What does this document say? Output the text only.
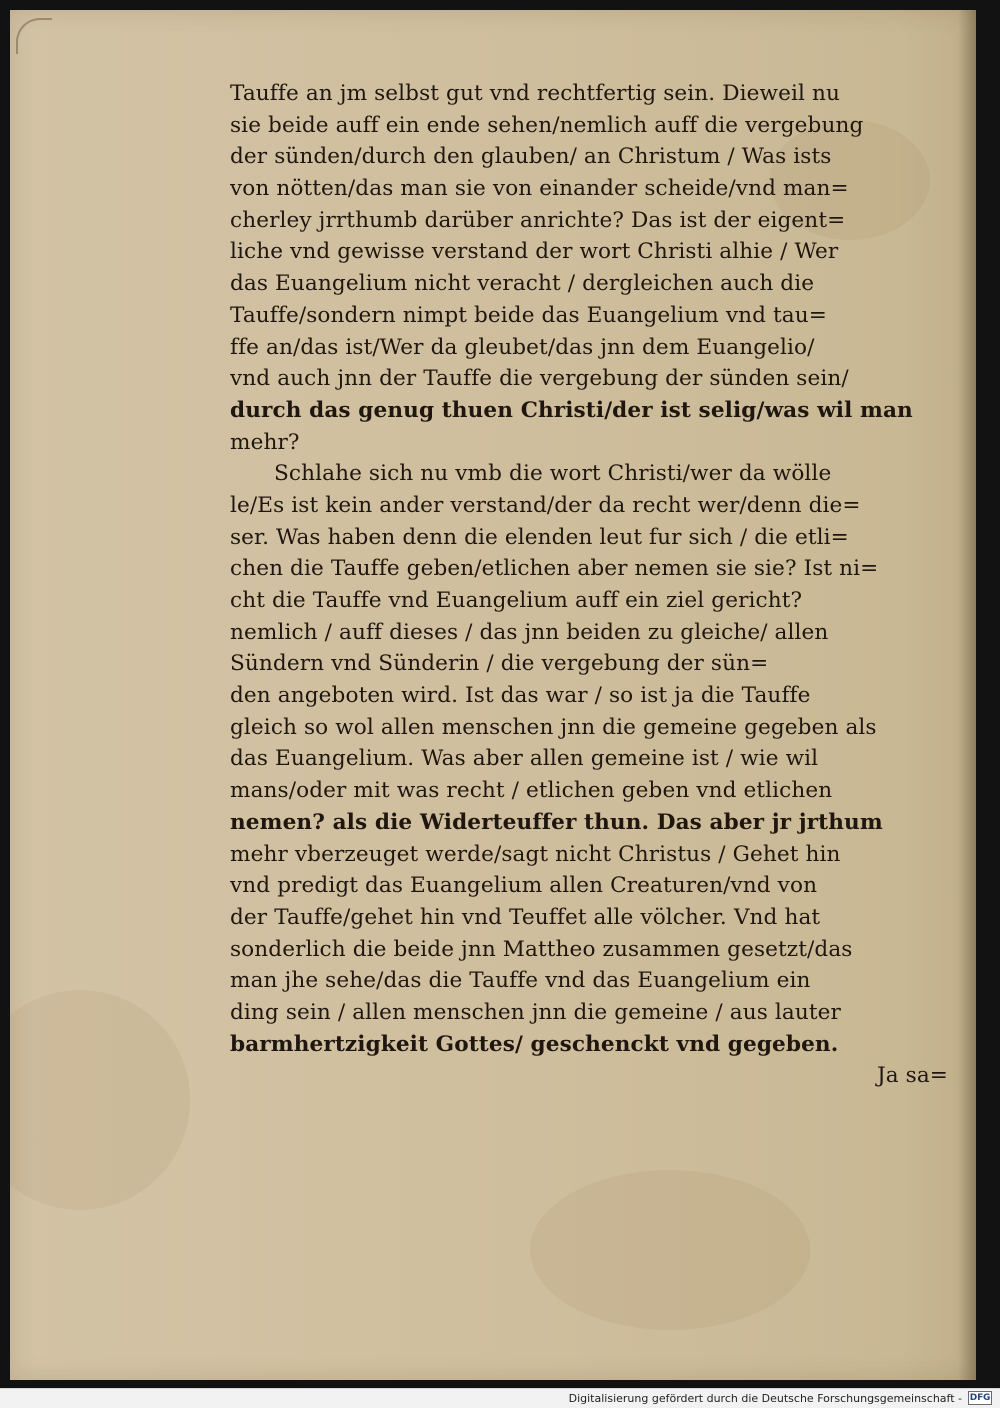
Tauffe an jm selbst gut vnd rechtfertig sein. Dieweil nu
sie beide auff ein ende sehen/nemlich auff die vergebung
der sünden/durch den glauben/ an Christum / Was ists
von nötten/das man sie von einander scheide/vnd man=
cherley jrrthumb darüber anrichte? Das ist der eigent=
liche vnd gewisse verstand der wort Christi alhie / Wer
das Euangelium nicht veracht / dergleichen auch die
Tauffe/sondern nimpt beide das Euangelium vnd tau=
ffe an/das ist/Wer da gleubet/das jnn dem Euangelio/
vnd auch jnn der Tauffe die vergebung der sünden sein/
durch das genug thuen Christi/der ist selig/was wil man
mehr?
Schlahe sich nu vmb die wort Christi/wer da wölle
le/Es ist kein ander verstand/der da recht wer/denn die=
ser. Was haben denn die elenden leut fur sich / die etli=
chen die Tauffe geben/etlichen aber nemen sie sie? Ist ni=
cht die Tauffe vnd Euangelium auff ein ziel gericht?
nemlich / auff dieses / das jnn beiden zu gleiche/ allen
Sündern vnd Sünderin / die vergebung der sün=
den angeboten wird. Ist das war / so ist ja die Tauffe
gleich so wol allen menschen jnn die gemeine gegeben als
das Euangelium. Was aber allen gemeine ist / wie wil
mans/oder mit was recht / etlichen geben vnd etlichen
nemen? als die Widerteuffer thun. Das aber jr jrthum
mehr vberzeuget werde/sagt nicht Christus / Gehet hin
vnd predigt das Euangelium allen Creaturen/vnd von
der Tauffe/gehet hin vnd Teuffet alle völcher. Vnd hat
sonderlich die beide jnn Mattheo zusammen gesetzt/das
man jhe sehe/das die Tauffe vnd das Euangelium ein
ding sein / allen menschen jnn die gemeine / aus lauter
barmhertzigkeit Gottes/ geschenckt vnd gegeben.
Ja sa=
Digitalisierung gefördert durch die Deutsche Forschungsgemeinschaft - DFG
